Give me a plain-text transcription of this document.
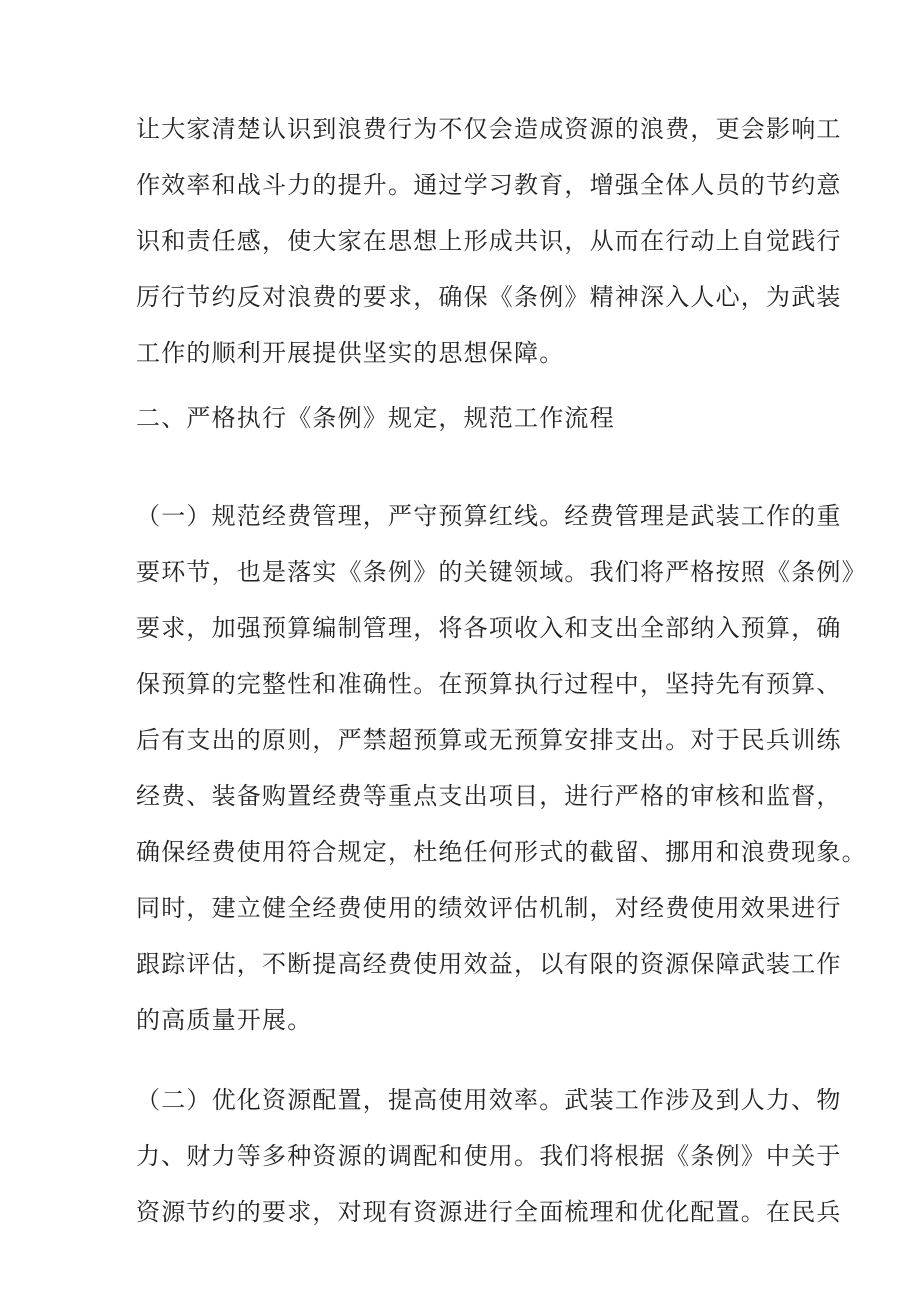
让大家清楚认识到浪费行为不仅会造成资源的浪费，更会影响工
作效率和战斗力的提升。通过学习教育，增强全体人员的节约意
识和责任感，使大家在思想上形成共识，从而在行动上自觉践行
厉行节约反对浪费的要求，确保《条例》精神深入人心，为武装
工作的顺利开展提供坚实的思想保障。
二、严格执行《条例》规定，规范工作流程
（一）规范经费管理，严守预算红线。经费管理是武装工作的重
要环节，也是落实《条例》的关键领域。我们将严格按照《条例》
要求，加强预算编制管理，将各项收入和支出全部纳入预算，确
保预算的完整性和准确性。在预算执行过程中，坚持先有预算、
后有支出的原则，严禁超预算或无预算安排支出。对于民兵训练
经费、装备购置经费等重点支出项目，进行严格的审核和监督，
确保经费使用符合规定，杜绝任何形式的截留、挪用和浪费现象。
同时，建立健全经费使用的绩效评估机制，对经费使用效果进行
跟踪评估，不断提高经费使用效益，以有限的资源保障武装工作
的高质量开展。
（二）优化资源配置，提高使用效率。武装工作涉及到人力、物
力、财力等多种资源的调配和使用。我们将根据《条例》中关于
资源节约的要求，对现有资源进行全面梳理和优化配置。在民兵
